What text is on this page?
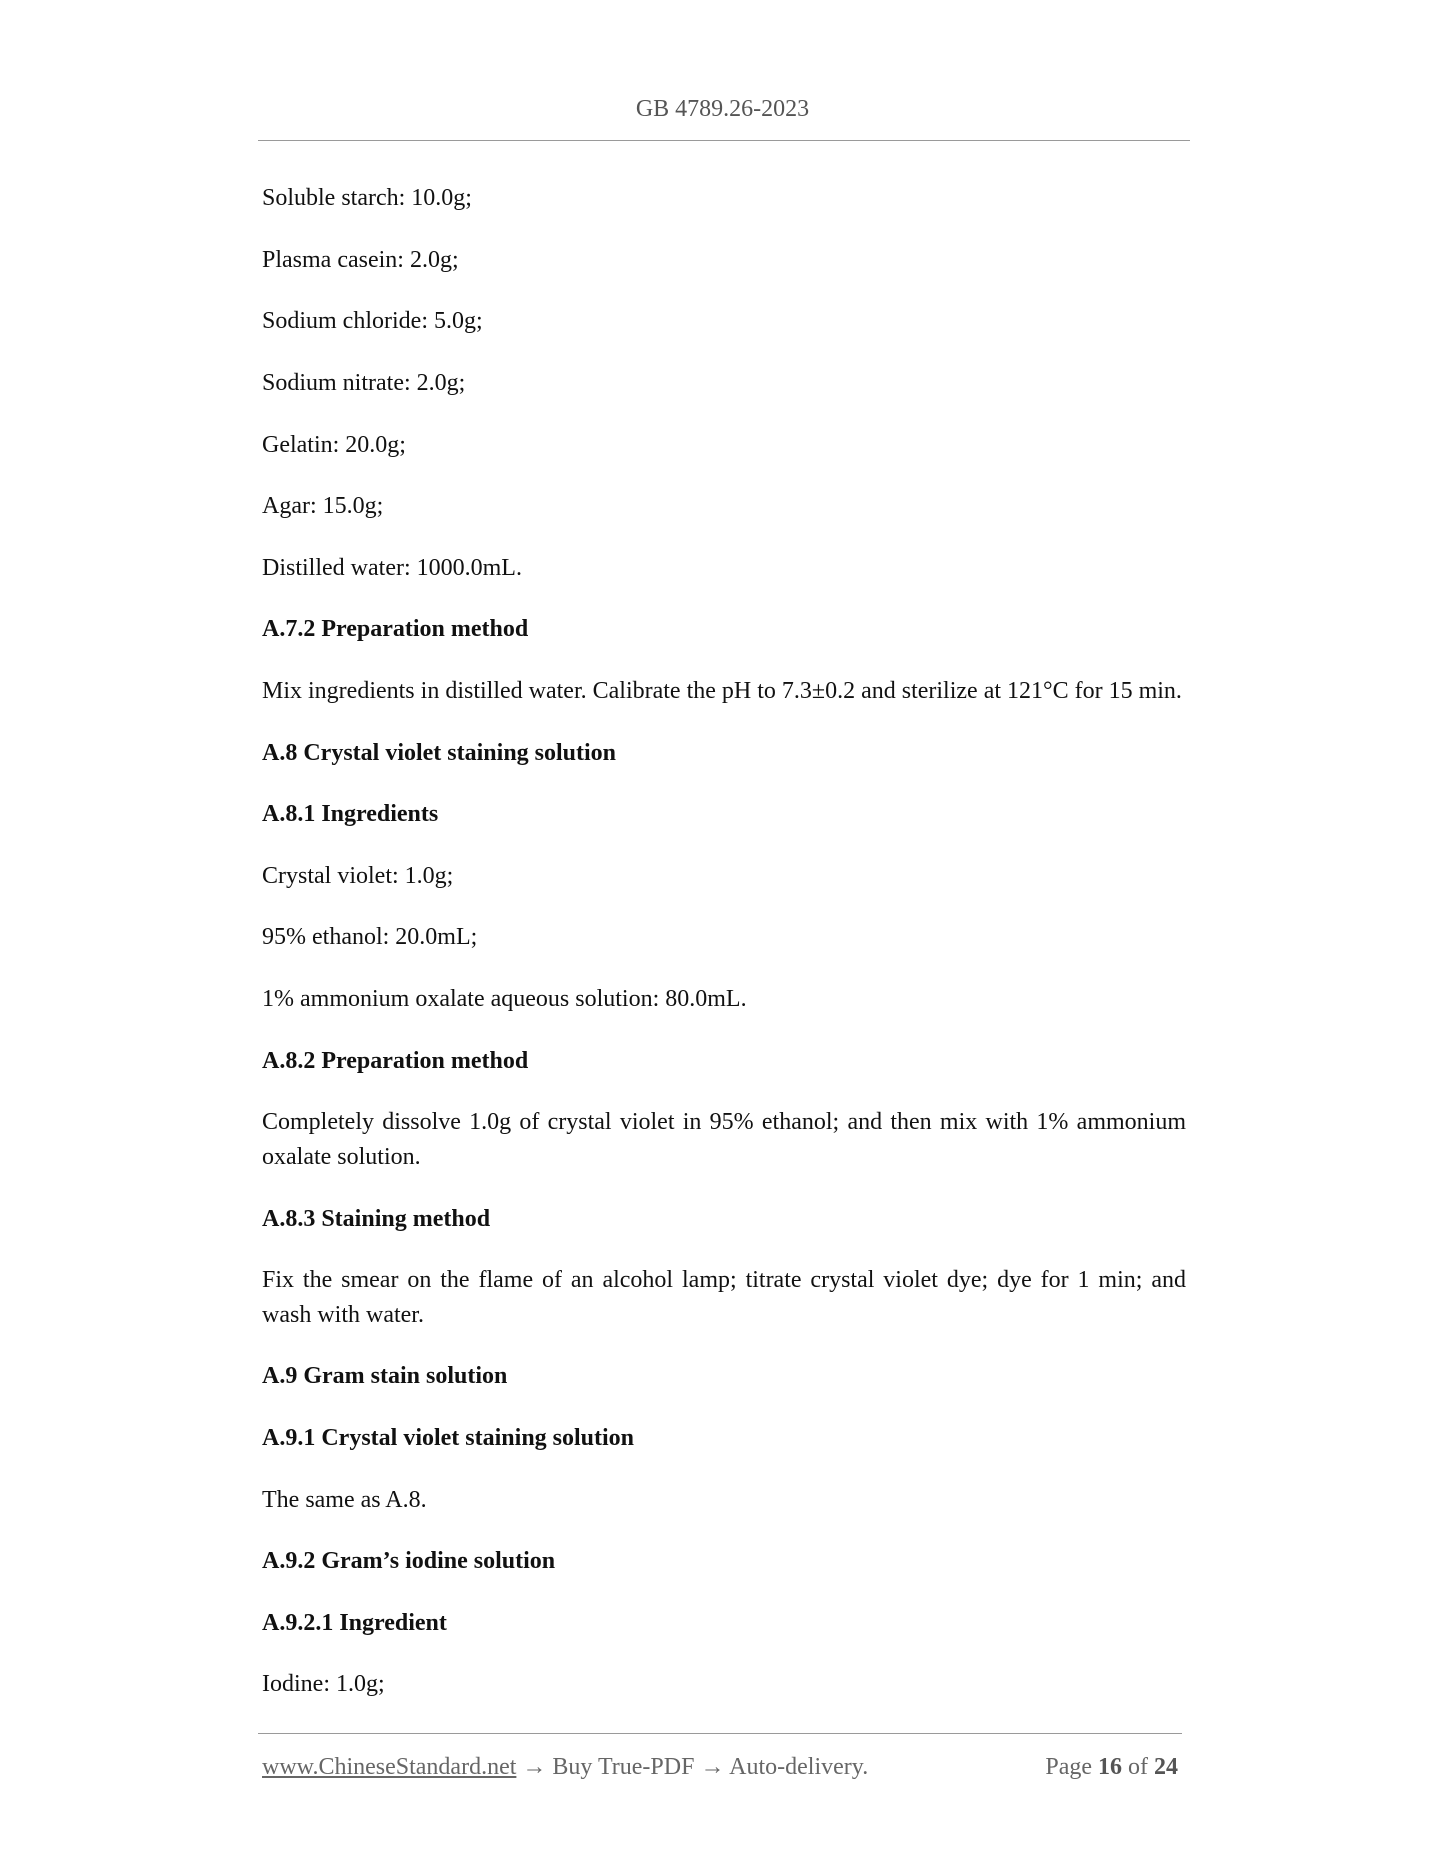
GB 4789.26-2023

Soluble starch: 10.0g;

Plasma casein: 2.0g;

Sodium chloride: 5.0g;

Sodium nitrate: 2.0g;

Gelatin: 20.0g;

Agar: 15.0g;

Distilled water: 1000.0mL.

A.7.2 Preparation method

Mix ingredients in distilled water. Calibrate the pH to 7.3±0.2 and sterilize at 121°C for 15 min.

A.8 Crystal violet staining solution

A.8.1 Ingredients

Crystal violet: 1.0g;

95% ethanol: 20.0mL;

1% ammonium oxalate aqueous solution: 80.0mL.

A.8.2 Preparation method

Completely dissolve 1.0g of crystal violet in 95% ethanol; and then mix with 1% ammonium oxalate solution.

A.8.3 Staining method

Fix the smear on the flame of an alcohol lamp; titrate crystal violet dye; dye for 1 min; and wash with water.

A.9 Gram stain solution

A.9.1 Crystal violet staining solution

The same as A.8.

A.9.2 Gram’s iodine solution

A.9.2.1 Ingredient

Iodine: 1.0g;

www.ChineseStandard.net → Buy True-PDF → Auto-delivery.	Page 16 of 24
